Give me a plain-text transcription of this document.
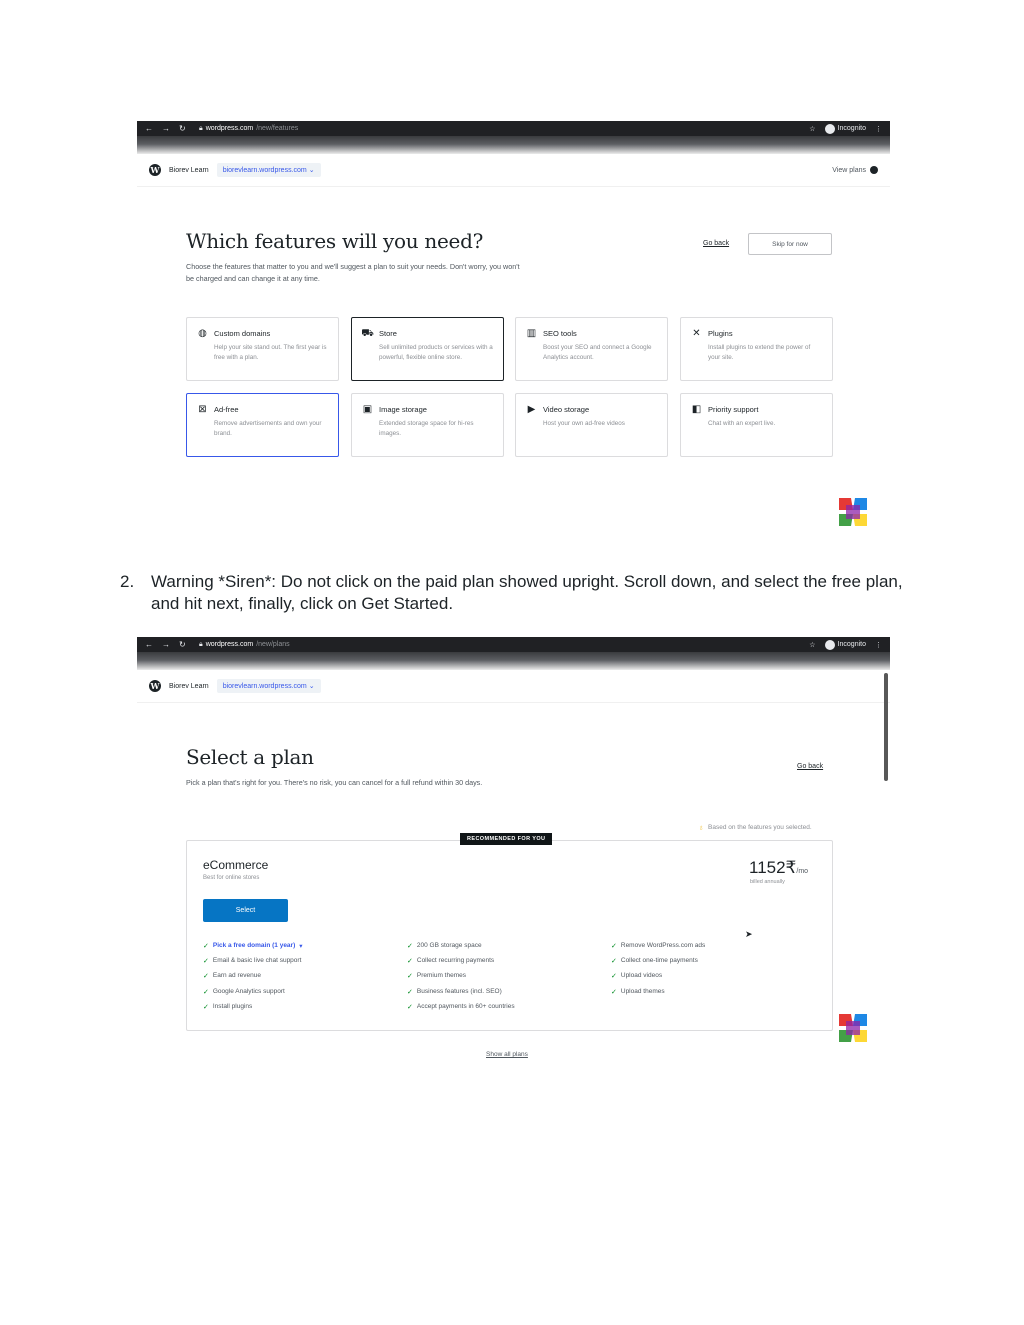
← → ↻ 🔒︎ wordpress.com /new/features	☆	Incognito ⋮
W Biorev Learn	biorevlearn.wordpress.com ⌄	View plans
Which features will you need?
Choose the features that matter to you and we'll suggest a plan to suit your needs. Don't worry, you won't be charged and can change it at any time.
Go back	Skip for now
◍ Custom domains
Help your site stand out. The first year is free with a plan.
⛟ Store
Sell unlimited products or services with a powerful, flexible online store.
▥ SEO tools
Boost your SEO and connect a Google Analytics account.
✕ Plugins
Install plugins to extend the power of your site.
⊠ Ad-free
Remove advertisements and own your brand.
▣ Image storage
Extended storage space for hi-res images.
▶ Video storage
Host your own ad-free videos
◧ Priority support
Chat with an expert live.
2. Warning *Siren*: Do not click on the paid plan showed upright. Scroll down, and select the free plan, and hit next, finally, click on Get Started.
← → ↻ 🔒︎ wordpress.com /new/plans	☆	Incognito ⋮
W Biorev Learn	biorevlearn.wordpress.com ⌄
Select a plan
Pick a plan that's right for you. There's no risk, you can cancel for a full refund within 30 days.
Go back
♁ Based on the features you selected.
RECOMMENDED FOR YOU
eCommerce
Best for online stores
1152₹/mo
billed annually
Select
✓ Pick a free domain (1 year) ▾
✓ Email & basic live chat support
✓ Earn ad revenue
✓ Google Analytics support
✓ Install plugins
✓ 200 GB storage space
✓ Collect recurring payments
✓ Premium themes
✓ Business features (incl. SEO)
✓ Accept payments in 60+ countries
✓ Remove WordPress.com ads
✓ Collect one-time payments
✓ Upload videos
✓ Upload themes
➤
Show all plans
